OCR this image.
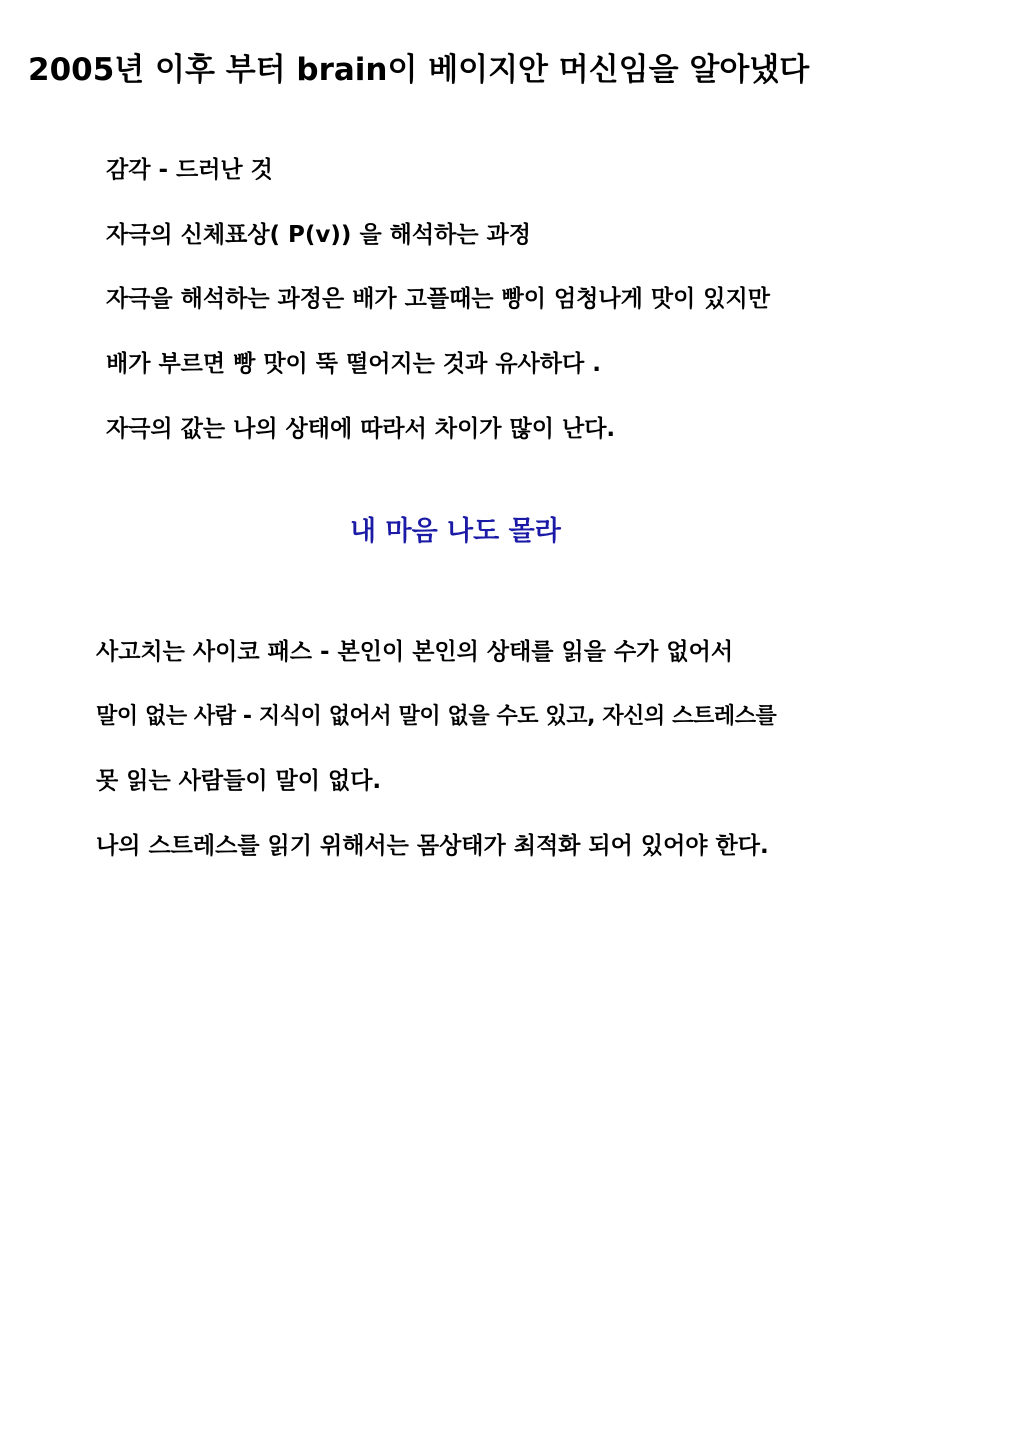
2005년 이후 부터 brain이 베이지안 머신임을 알아냈다

감각 - 드러난 것

자극의 신체표상( P(v)) 을 해석하는 과정

자극을 해석하는 과정은 배가 고플때는 빵이 엄청나게 맛이 있지만

배가 부르면 빵 맛이 뚝 떨어지는 것과 유사하다 .

자극의 값는 나의 상태에 따라서 차이가 많이 난다.

내 마음 나도 몰라

사고치는 사이코 패스 - 본인이 본인의 상태를 읽을 수가 없어서

말이 없는 사람 - 지식이 없어서 말이 없을 수도 있고, 자신의 스트레스를

못 읽는 사람들이 말이 없다.

나의 스트레스를 읽기 위해서는 몸상태가 최적화 되어 있어야 한다.
